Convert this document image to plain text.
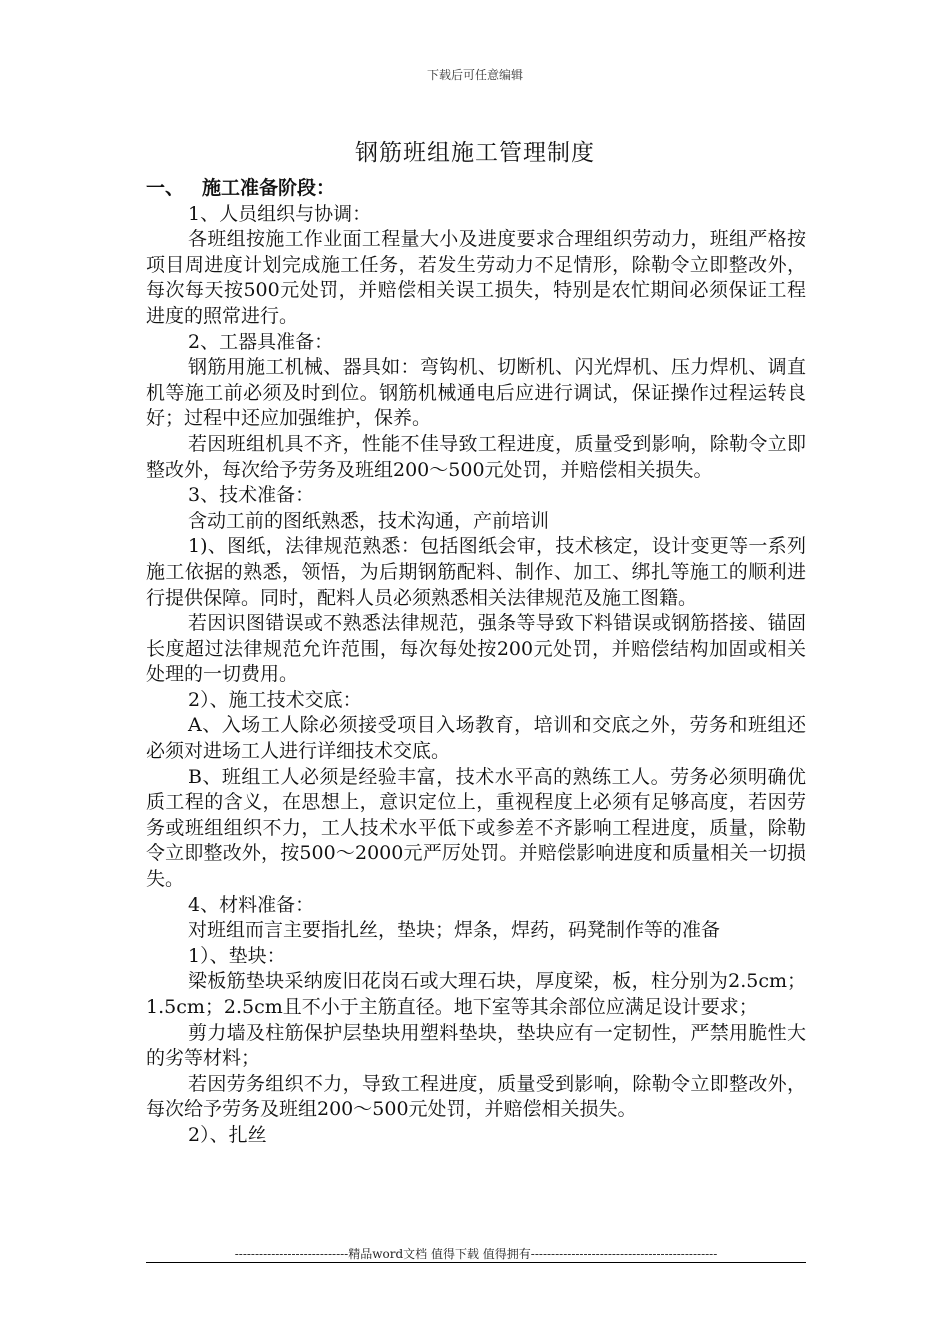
下载后可任意编辑
钢筋班组施工管理制度

一、 施工准备阶段：

1、人员组织与协调：

各班组按施工作业面工程量大小及进度要求合理组织劳动力，班组严格按项目周进度计划完成施工任务，若发生劳动力不足情形，除勒令立即整改外，每次每天按500元处罚，并赔偿相关误工损失，特别是农忙期间必须保证工程进度的照常进行。

2、工器具准备：

钢筋用施工机械、器具如：弯钩机、切断机、闪光焊机、压力焊机、调直机等施工前必须及时到位。钢筋机械通电后应进行调试，保证操作过程运转良好；过程中还应加强维护，保养。

若因班组机具不齐，性能不佳导致工程进度，质量受到影响，除勒令立即整改外，每次给予劳务及班组200～500元处罚，并赔偿相关损失。

3、技术准备：

含动工前的图纸熟悉，技术沟通，产前培训

1)、图纸，法律规范熟悉：包括图纸会审，技术核定，设计变更等一系列施工依据的熟悉，领悟，为后期钢筋配料、制作、加工、绑扎等施工的顺利进行提供保障。同时，配料人员必须熟悉相关法律规范及施工图籍。

若因识图错误或不熟悉法律规范，强条等导致下料错误或钢筋搭接、锚固长度超过法律规范允许范围，每次每处按200元处罚，并赔偿结构加固或相关处理的一切费用。

2）、施工技术交底：

A、入场工人除必须接受项目入场教育，培训和交底之外，劳务和班组还必须对进场工人进行详细技术交底。

B、班组工人必须是经验丰富，技术水平高的熟练工人。劳务必须明确优质工程的含义，在思想上，意识定位上，重视程度上必须有足够高度，若因劳务或班组组织不力，工人技术水平低下或参差不齐影响工程进度，质量，除勒令立即整改外，按500～2000元严厉处罚。并赔偿影响进度和质量相关一切损失。

4、材料准备：

对班组而言主要指扎丝，垫块；焊条，焊药，码凳制作等的准备

1）、垫块：

梁板筋垫块采纳废旧花岗石或大理石块，厚度梁，板，柱分别为2.5cm；1.5cm；2.5cm且不小于主筋直径。地下室等其余部位应满足设计要求；

剪力墙及柱筋保护层垫块用塑料垫块，垫块应有一定韧性，严禁用脆性大的劣等材料；

若因劳务组织不力，导致工程进度，质量受到影响，除勒令立即整改外，每次给予劳务及班组200～500元处罚，并赔偿相关损失。

2）、扎丝

----------------------------精品word文档 值得下载 值得拥有----------------------------------------------
